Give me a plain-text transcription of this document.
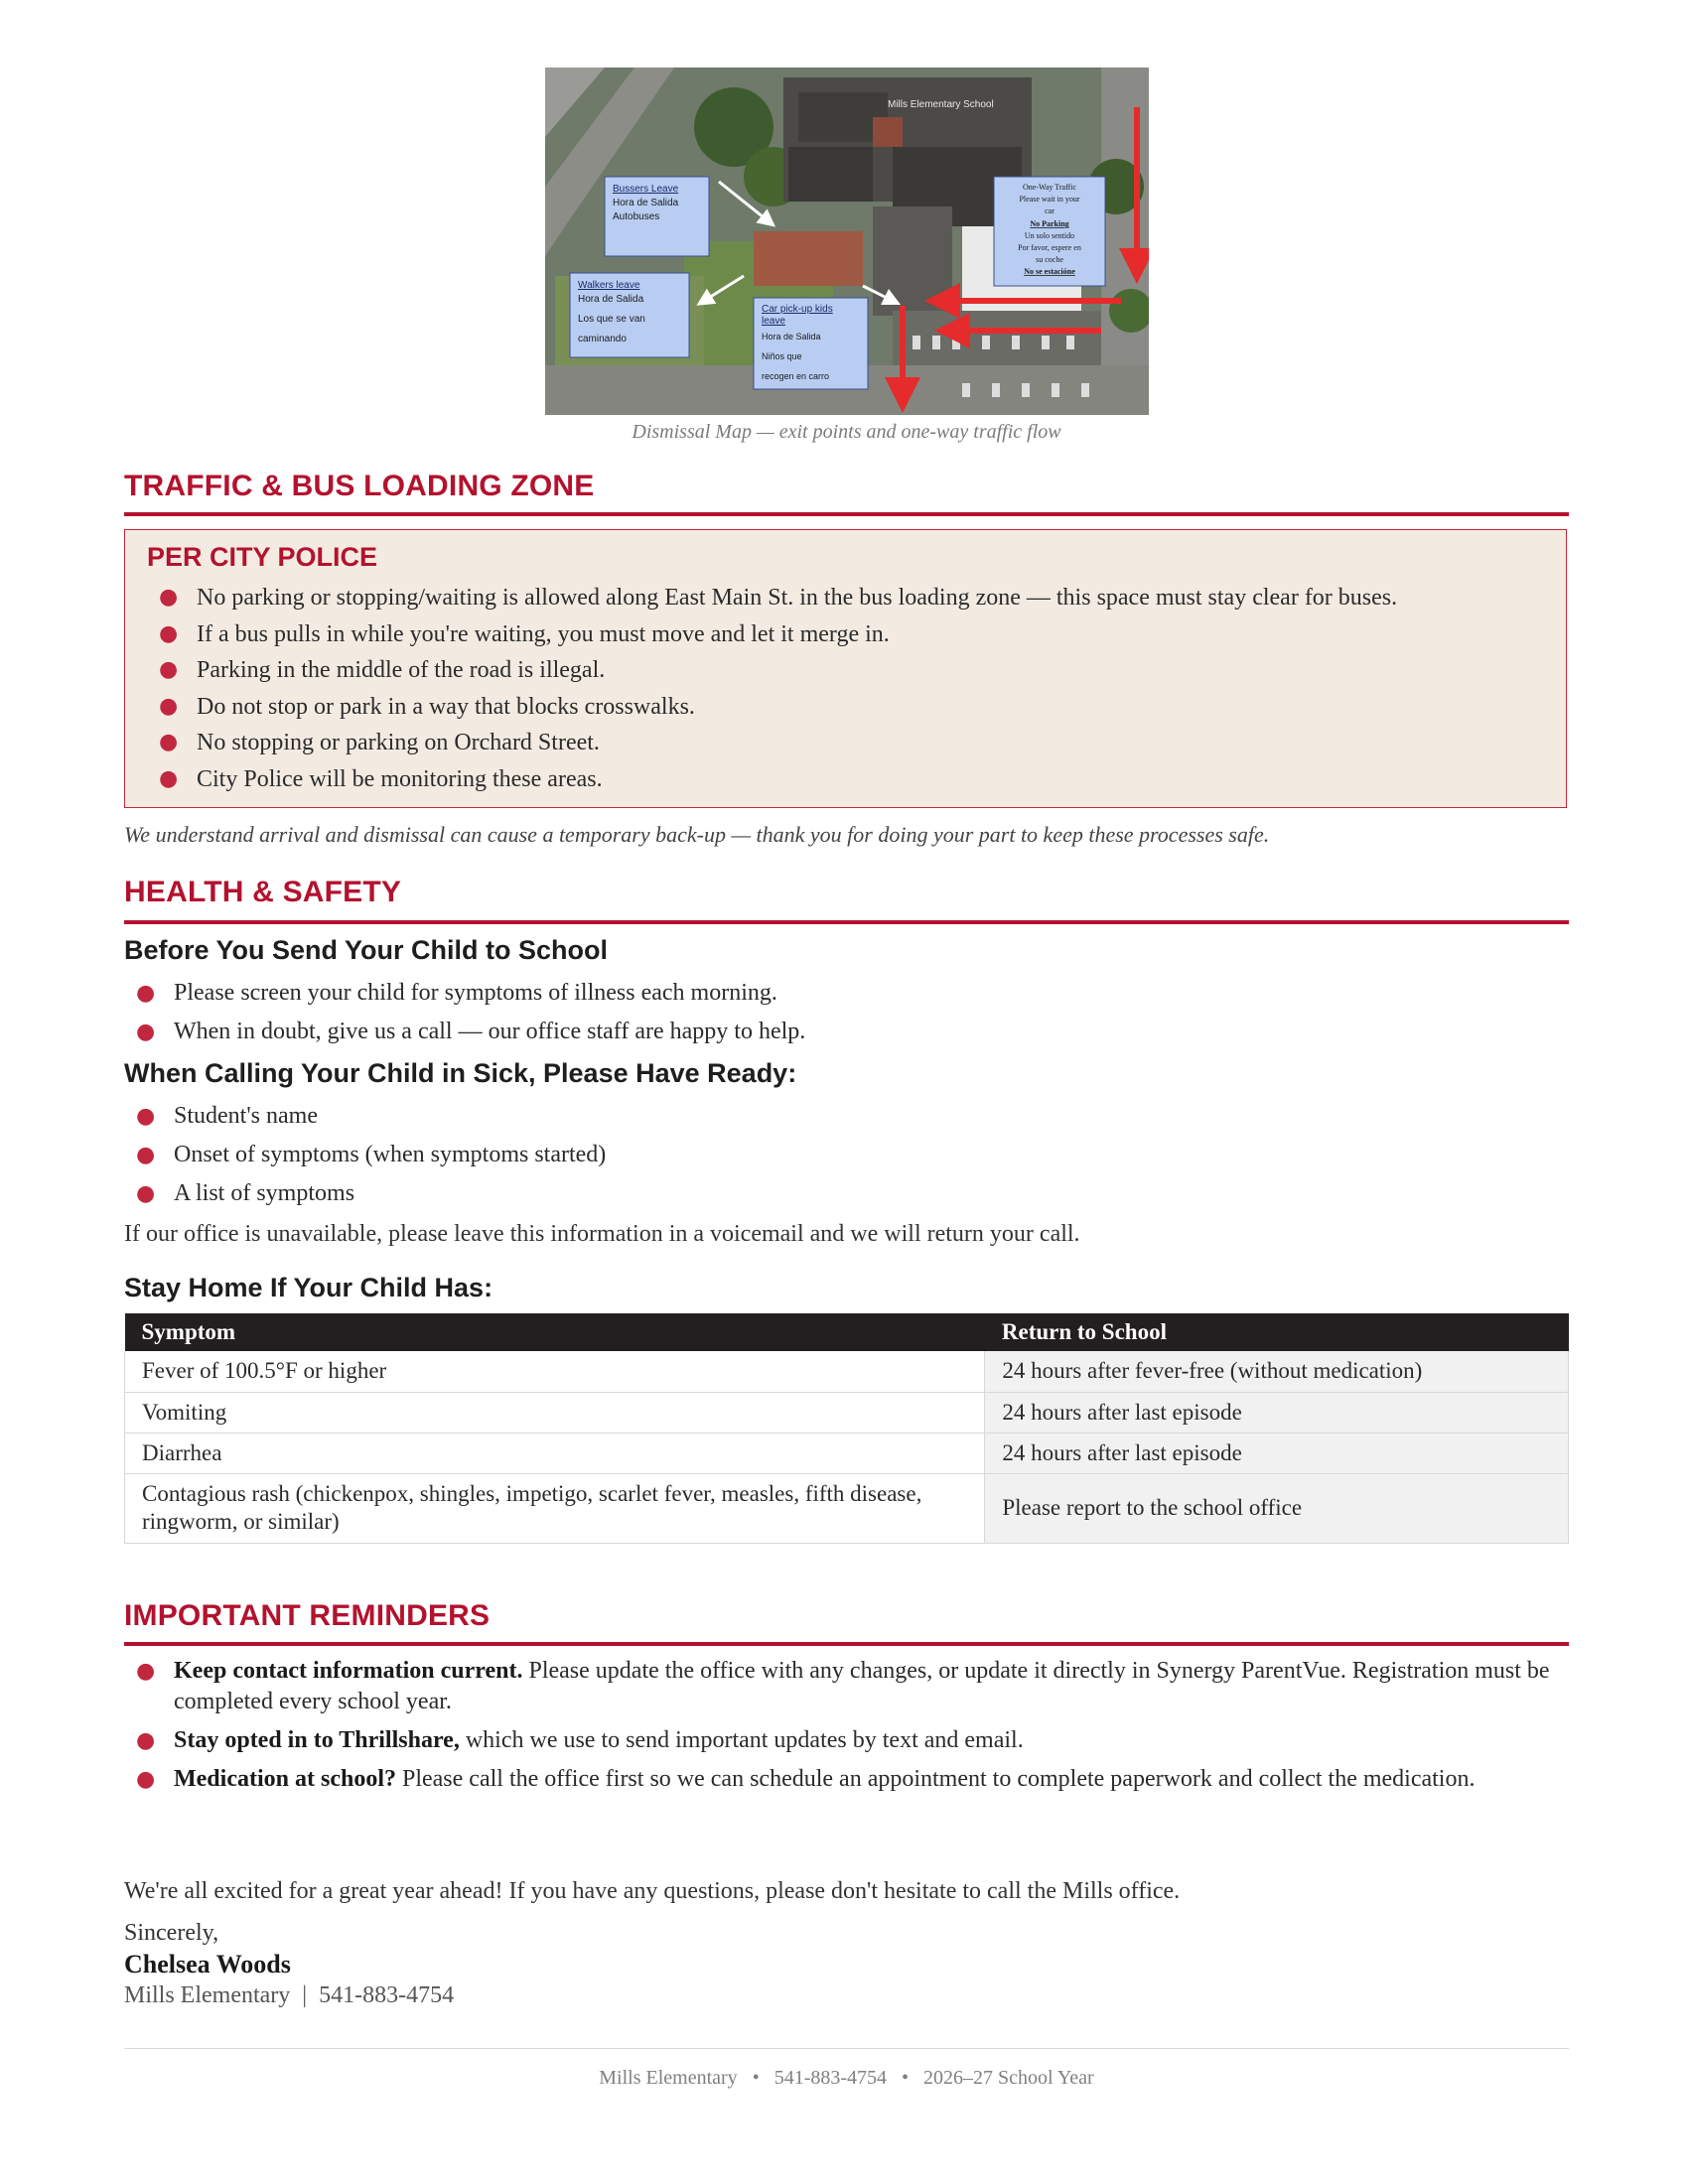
Mills Elementary School
Bussers Leave
Hora de Salida
Autobuses
Walkers leave
Hora de Salida
Los que se van
caminando
Car pick-up kids
leave
Hora de Salida
Niños que
recogen en carro
One-Way Traffic
Please wait in your
car
No Parking
Un solo sentido
Por favor, espere en
su coche
No se estacióne
Dismissal Map — exit points and one-way traffic flow
TRAFFIC & BUS LOADING ZONE
PER CITY POLICE
● No parking or stopping/waiting is allowed along East Main St. in the bus loading zone — this space must stay clear for buses.
● If a bus pulls in while you're waiting, you must move and let it merge in.
● Parking in the middle of the road is illegal.
● Do not stop or park in a way that blocks crosswalks.
● No stopping or parking on Orchard Street.
● City Police will be monitoring these areas.
We understand arrival and dismissal can cause a temporary back-up — thank you for doing your part to keep these processes safe.
HEALTH & SAFETY
Before You Send Your Child to School
● Please screen your child for symptoms of illness each morning.
● When in doubt, give us a call — our office staff are happy to help.
When Calling Your Child in Sick, Please Have Ready:
● Student's name
● Onset of symptoms (when symptoms started)
● A list of symptoms
If our office is unavailable, please leave this information in a voicemail and we will return your call.
Stay Home If Your Child Has:
Symptom	Return to School
Fever of 100.5°F or higher	24 hours after fever-free (without medication)
Vomiting	24 hours after last episode
Diarrhea	24 hours after last episode
Contagious rash (chickenpox, shingles, impetigo, scarlet fever, measles, fifth disease, ringworm, or similar)	Please report to the school office
IMPORTANT REMINDERS
● Keep contact information current. Please update the office with any changes, or update it directly in Synergy ParentVue. Registration must be completed every school year.
● Stay opted in to Thrillshare, which we use to send important updates by text and email.
● Medication at school? Please call the office first so we can schedule an appointment to complete paperwork and collect the medication.
We're all excited for a great year ahead! If you have any questions, please don't hesitate to call the Mills office.
Sincerely,
Chelsea Woods
Mills Elementary  |  541-883-4754
Mills Elementary   •   541-883-4754   •   2026–27 School Year
